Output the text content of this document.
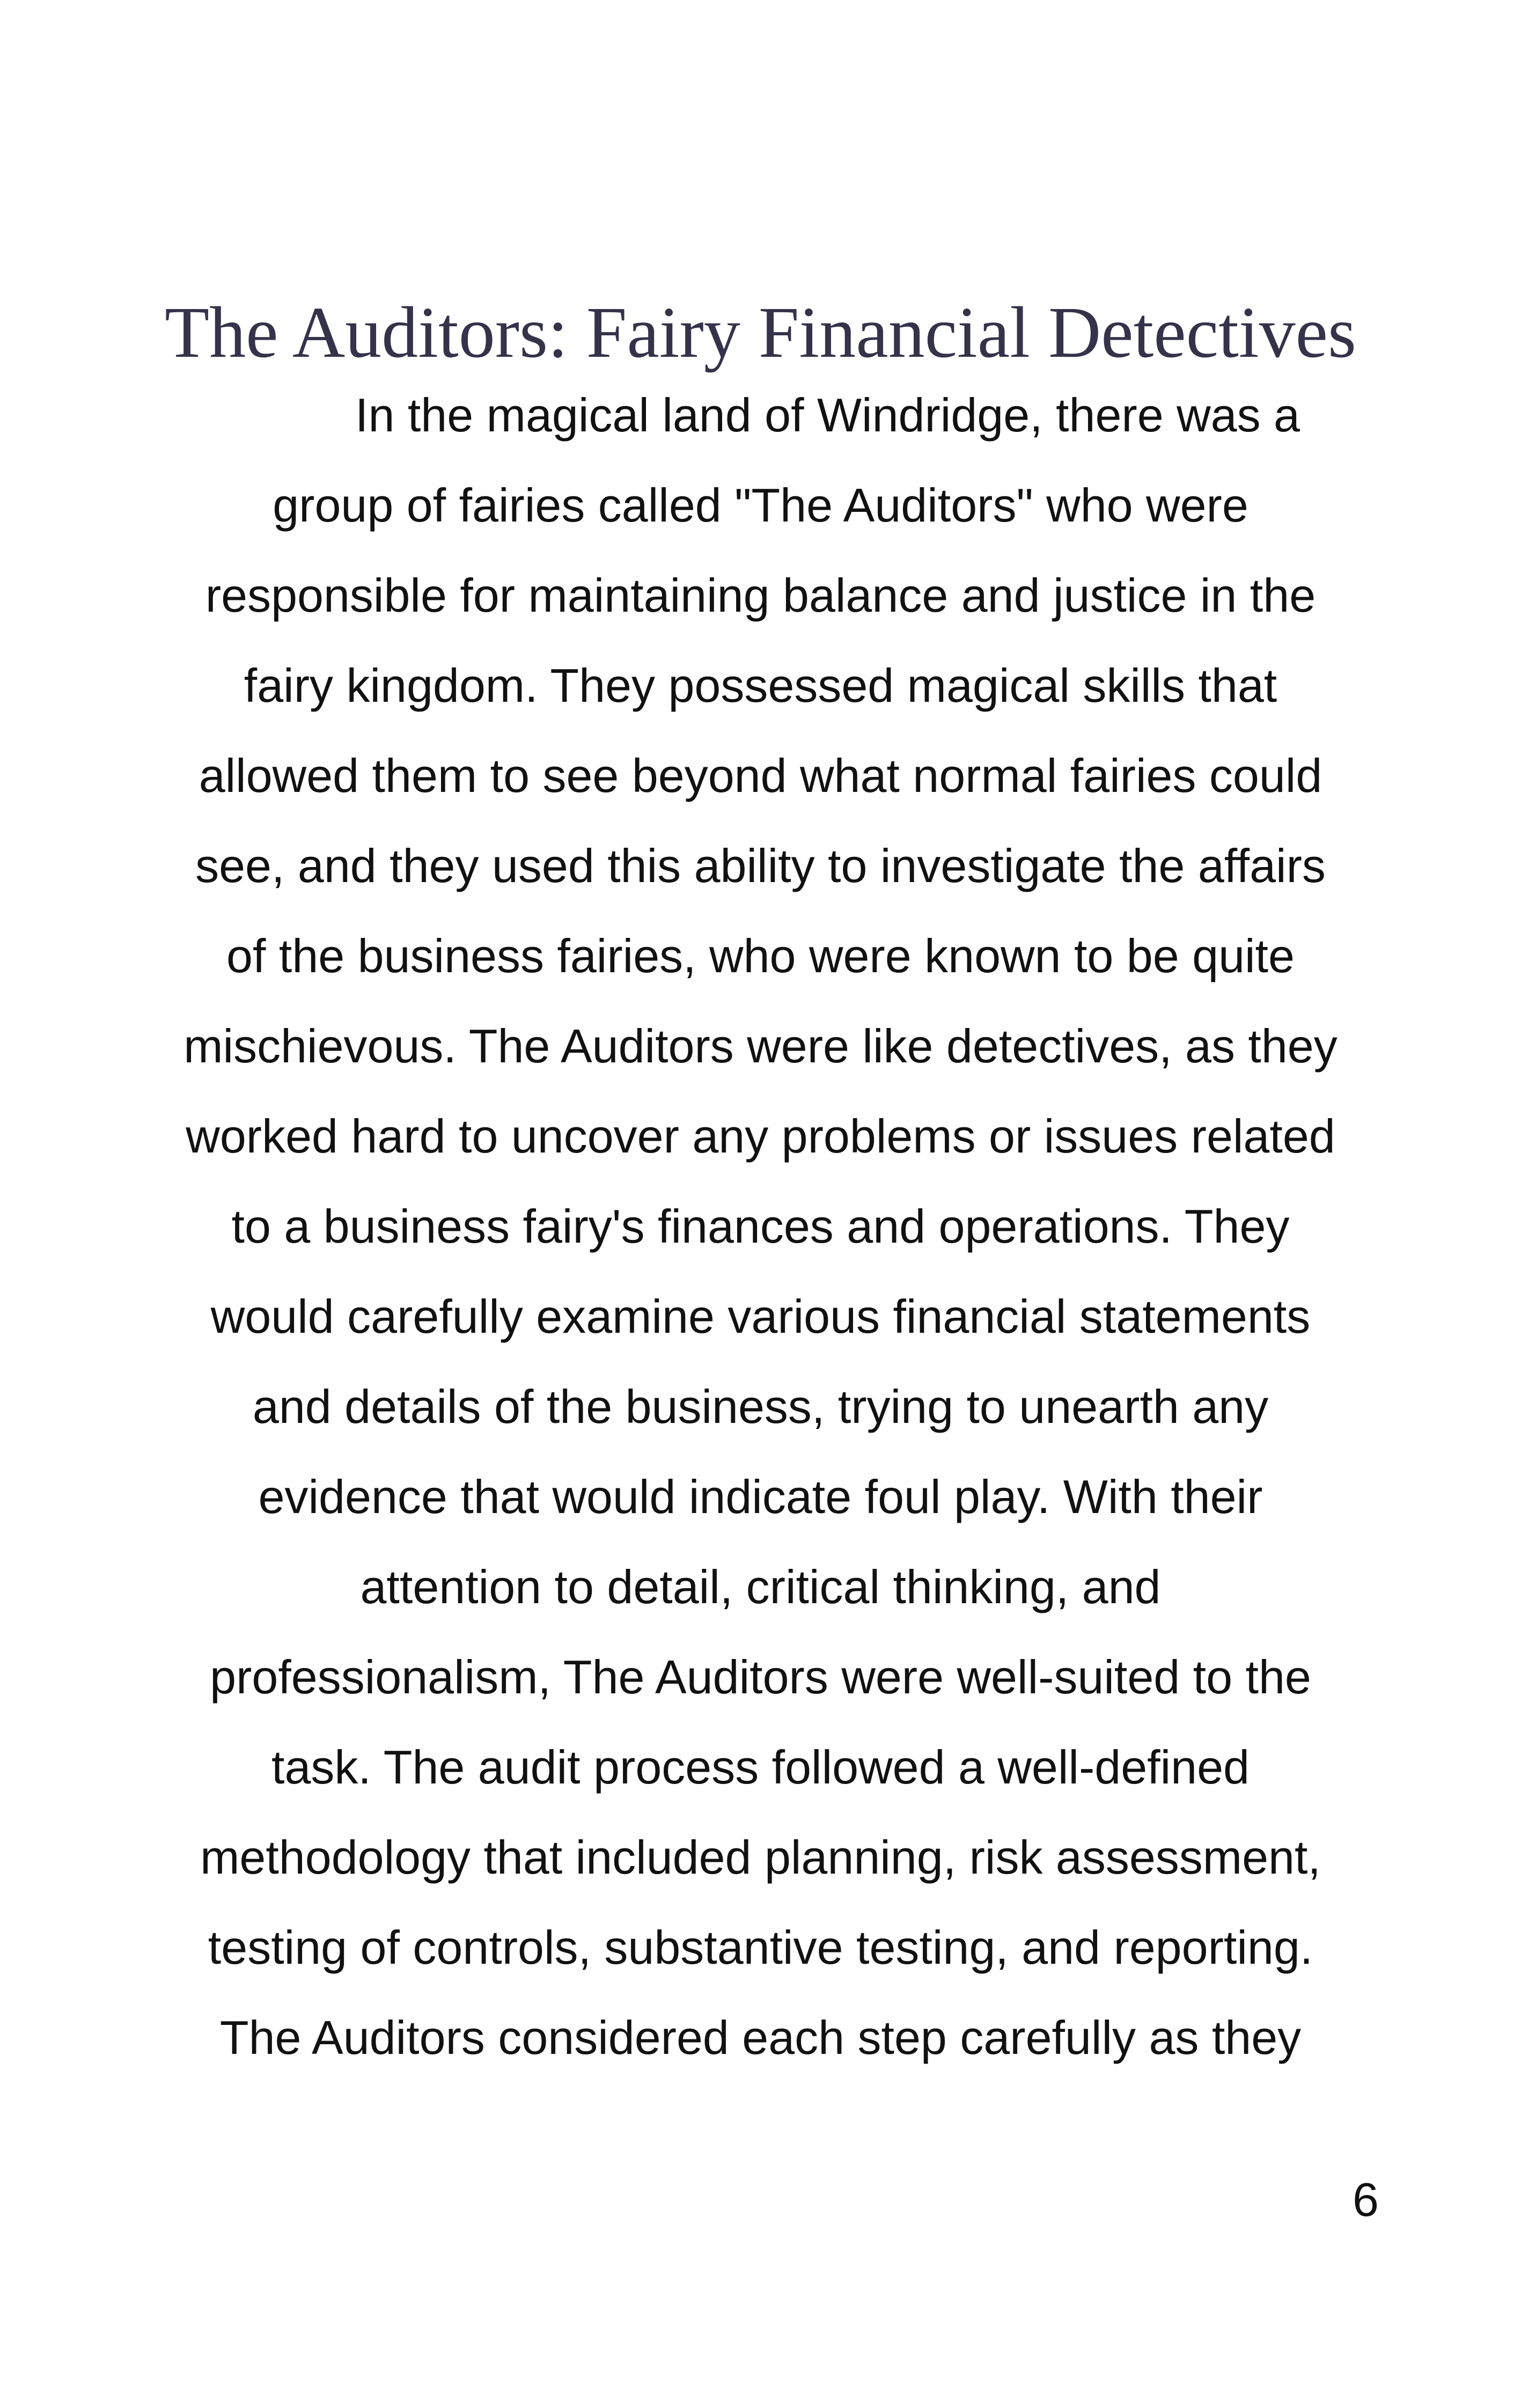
The Auditors: Fairy Financial Detectives
In the magical land of Windridge, there was a
group of fairies called "The Auditors" who were
responsible for maintaining balance and justice in the
fairy kingdom. They possessed magical skills that
allowed them to see beyond what normal fairies could
see, and they used this ability to investigate the affairs
of the business fairies, who were known to be quite
mischievous. The Auditors were like detectives, as they
worked hard to uncover any problems or issues related
to a business fairy's finances and operations. They
would carefully examine various financial statements
and details of the business, trying to unearth any
evidence that would indicate foul play. With their
attention to detail, critical thinking, and
professionalism, The Auditors were well-suited to the
task. The audit process followed a well-defined
methodology that included planning, risk assessment,
testing of controls, substantive testing, and reporting.
The Auditors considered each step carefully as they
6
